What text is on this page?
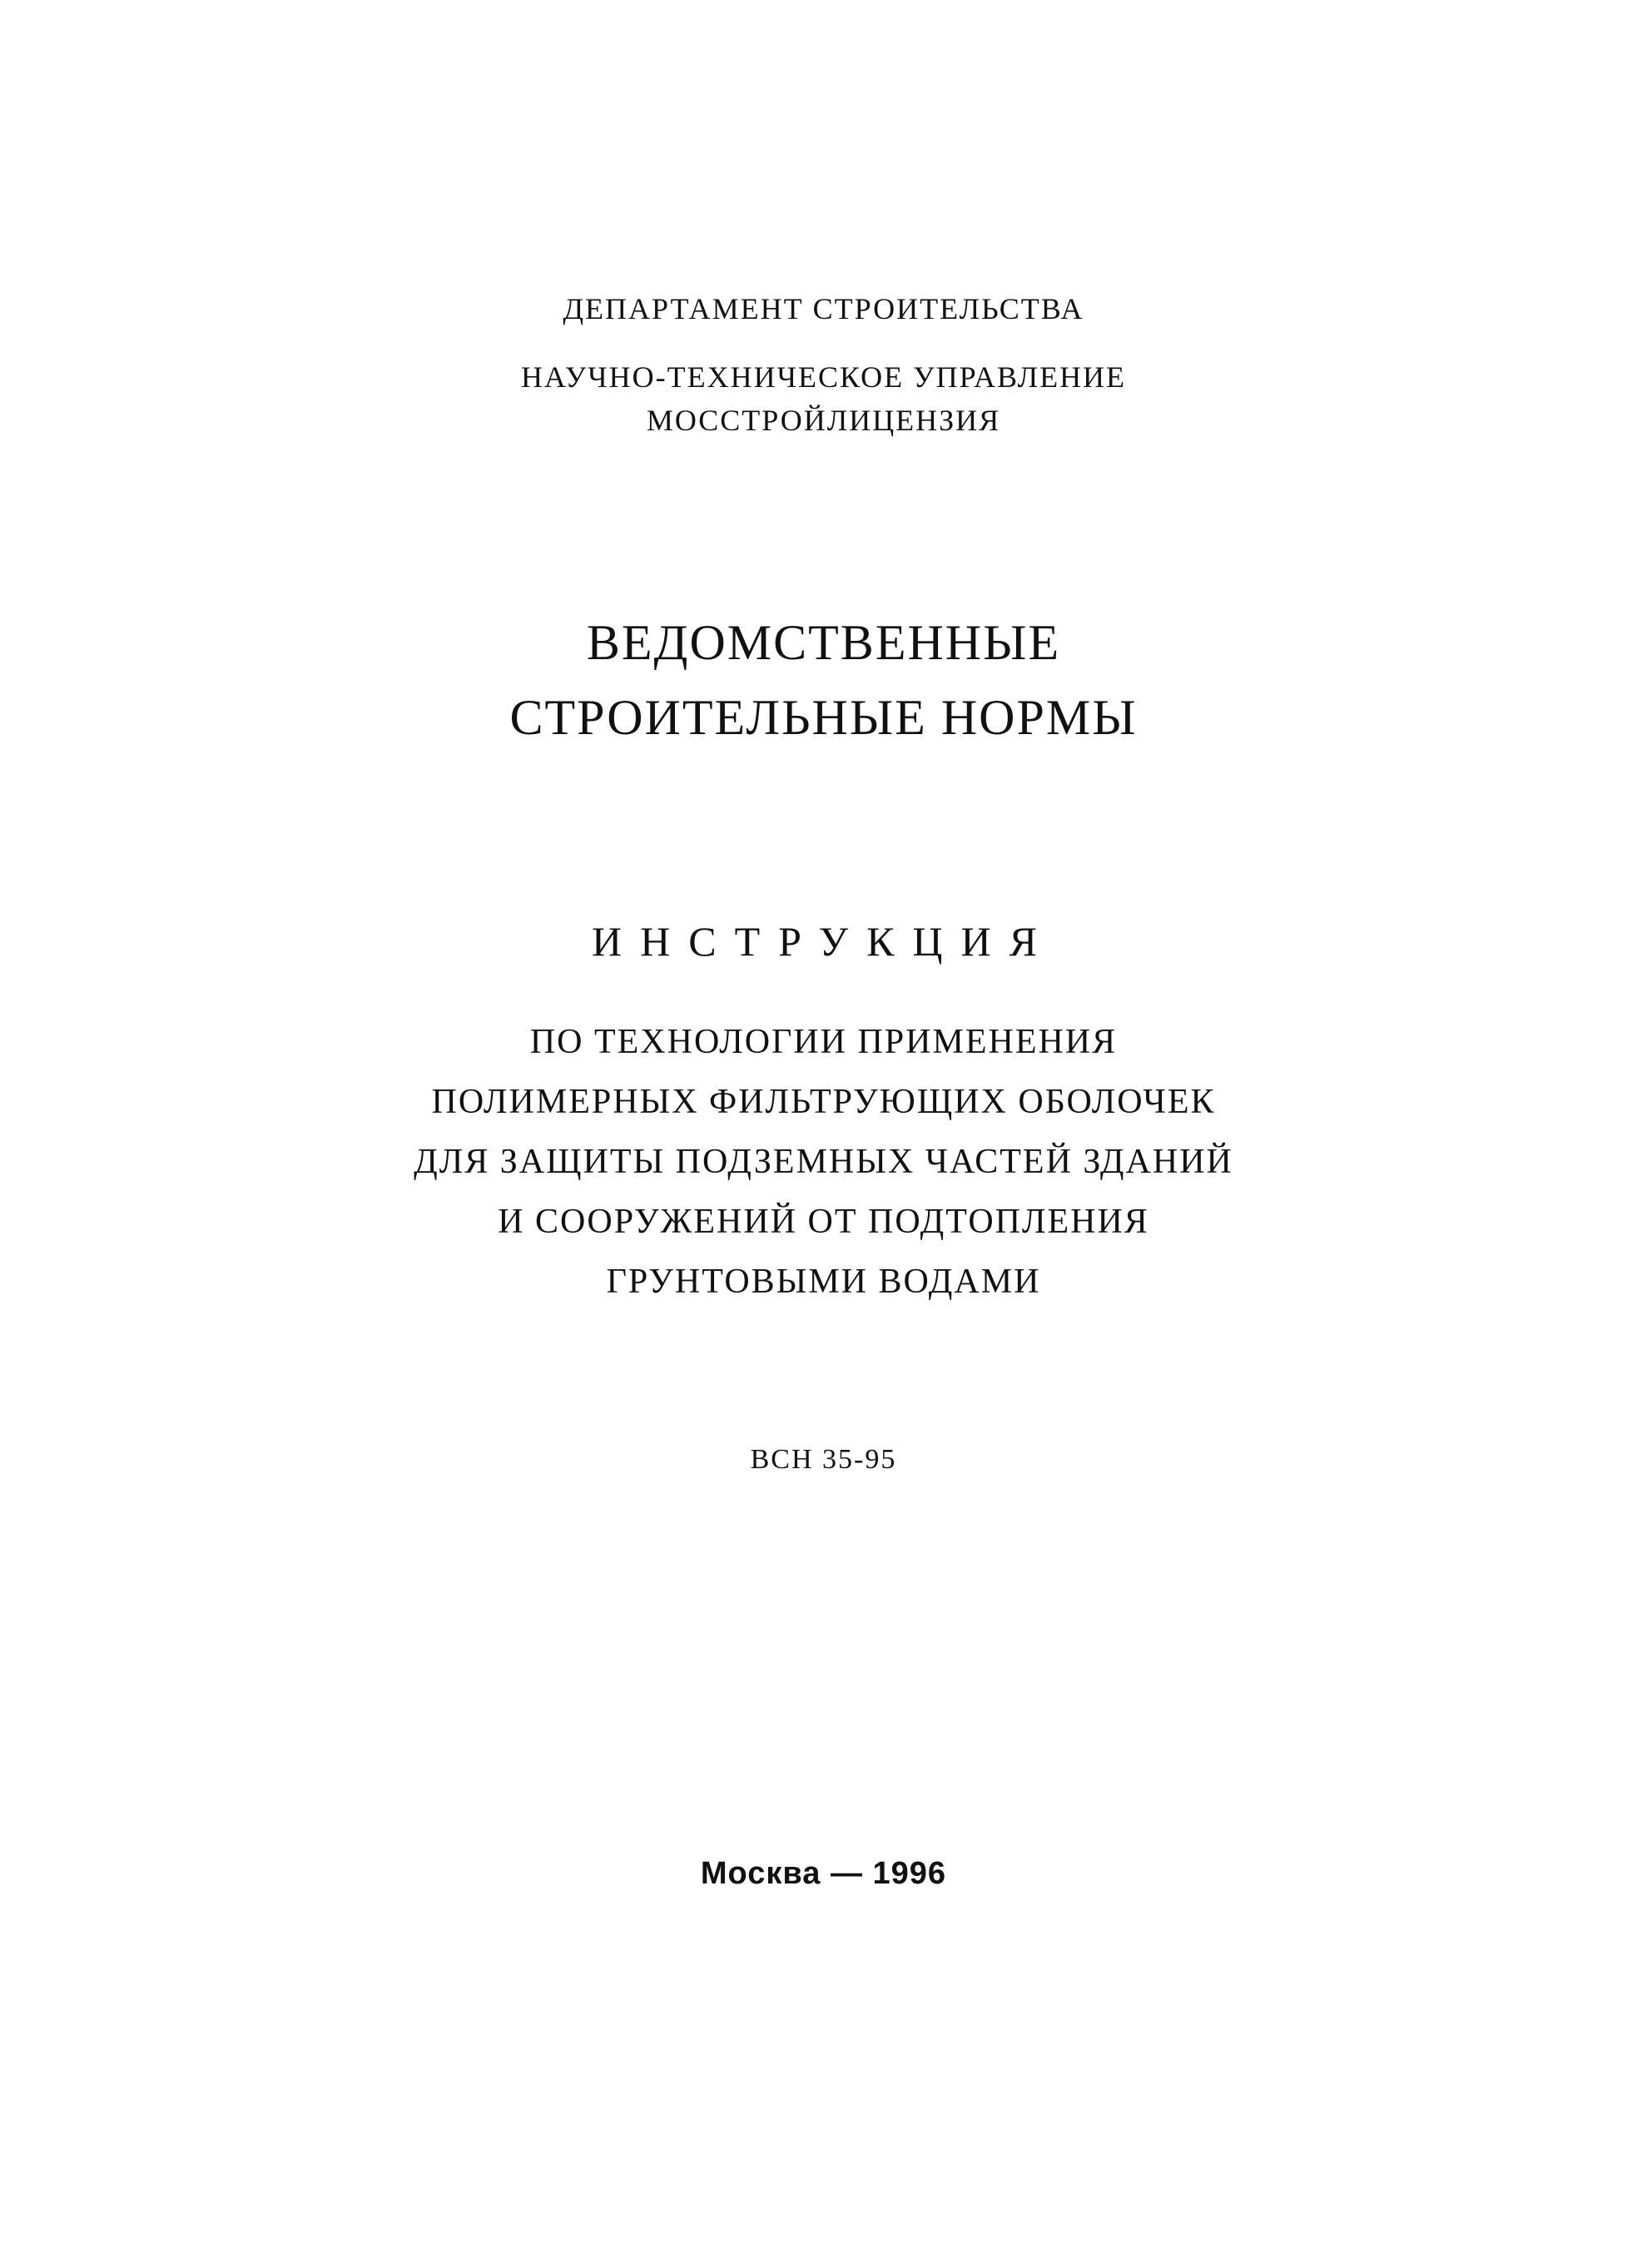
ДЕПАРТАМЕНТ СТРОИТЕЛЬСТВА

НАУЧНО-ТЕХНИЧЕСКОЕ УПРАВЛЕНИЕ

МОССТРОЙЛИЦЕНЗИЯ

ВЕДОМСТВЕННЫЕ

СТРОИТЕЛЬНЫЕ НОРМЫ

ИНСТРУКЦИЯ

ПО ТЕХНОЛОГИИ ПРИМЕНЕНИЯ

ПОЛИМЕРНЫХ ФИЛЬТРУЮЩИХ ОБОЛОЧЕК

ДЛЯ ЗАЩИТЫ ПОДЗЕМНЫХ ЧАСТЕЙ ЗДАНИЙ

И СООРУЖЕНИЙ ОТ ПОДТОПЛЕНИЯ

ГРУНТОВЫМИ ВОДАМИ

ВСН 35-95

Москва — 1996
